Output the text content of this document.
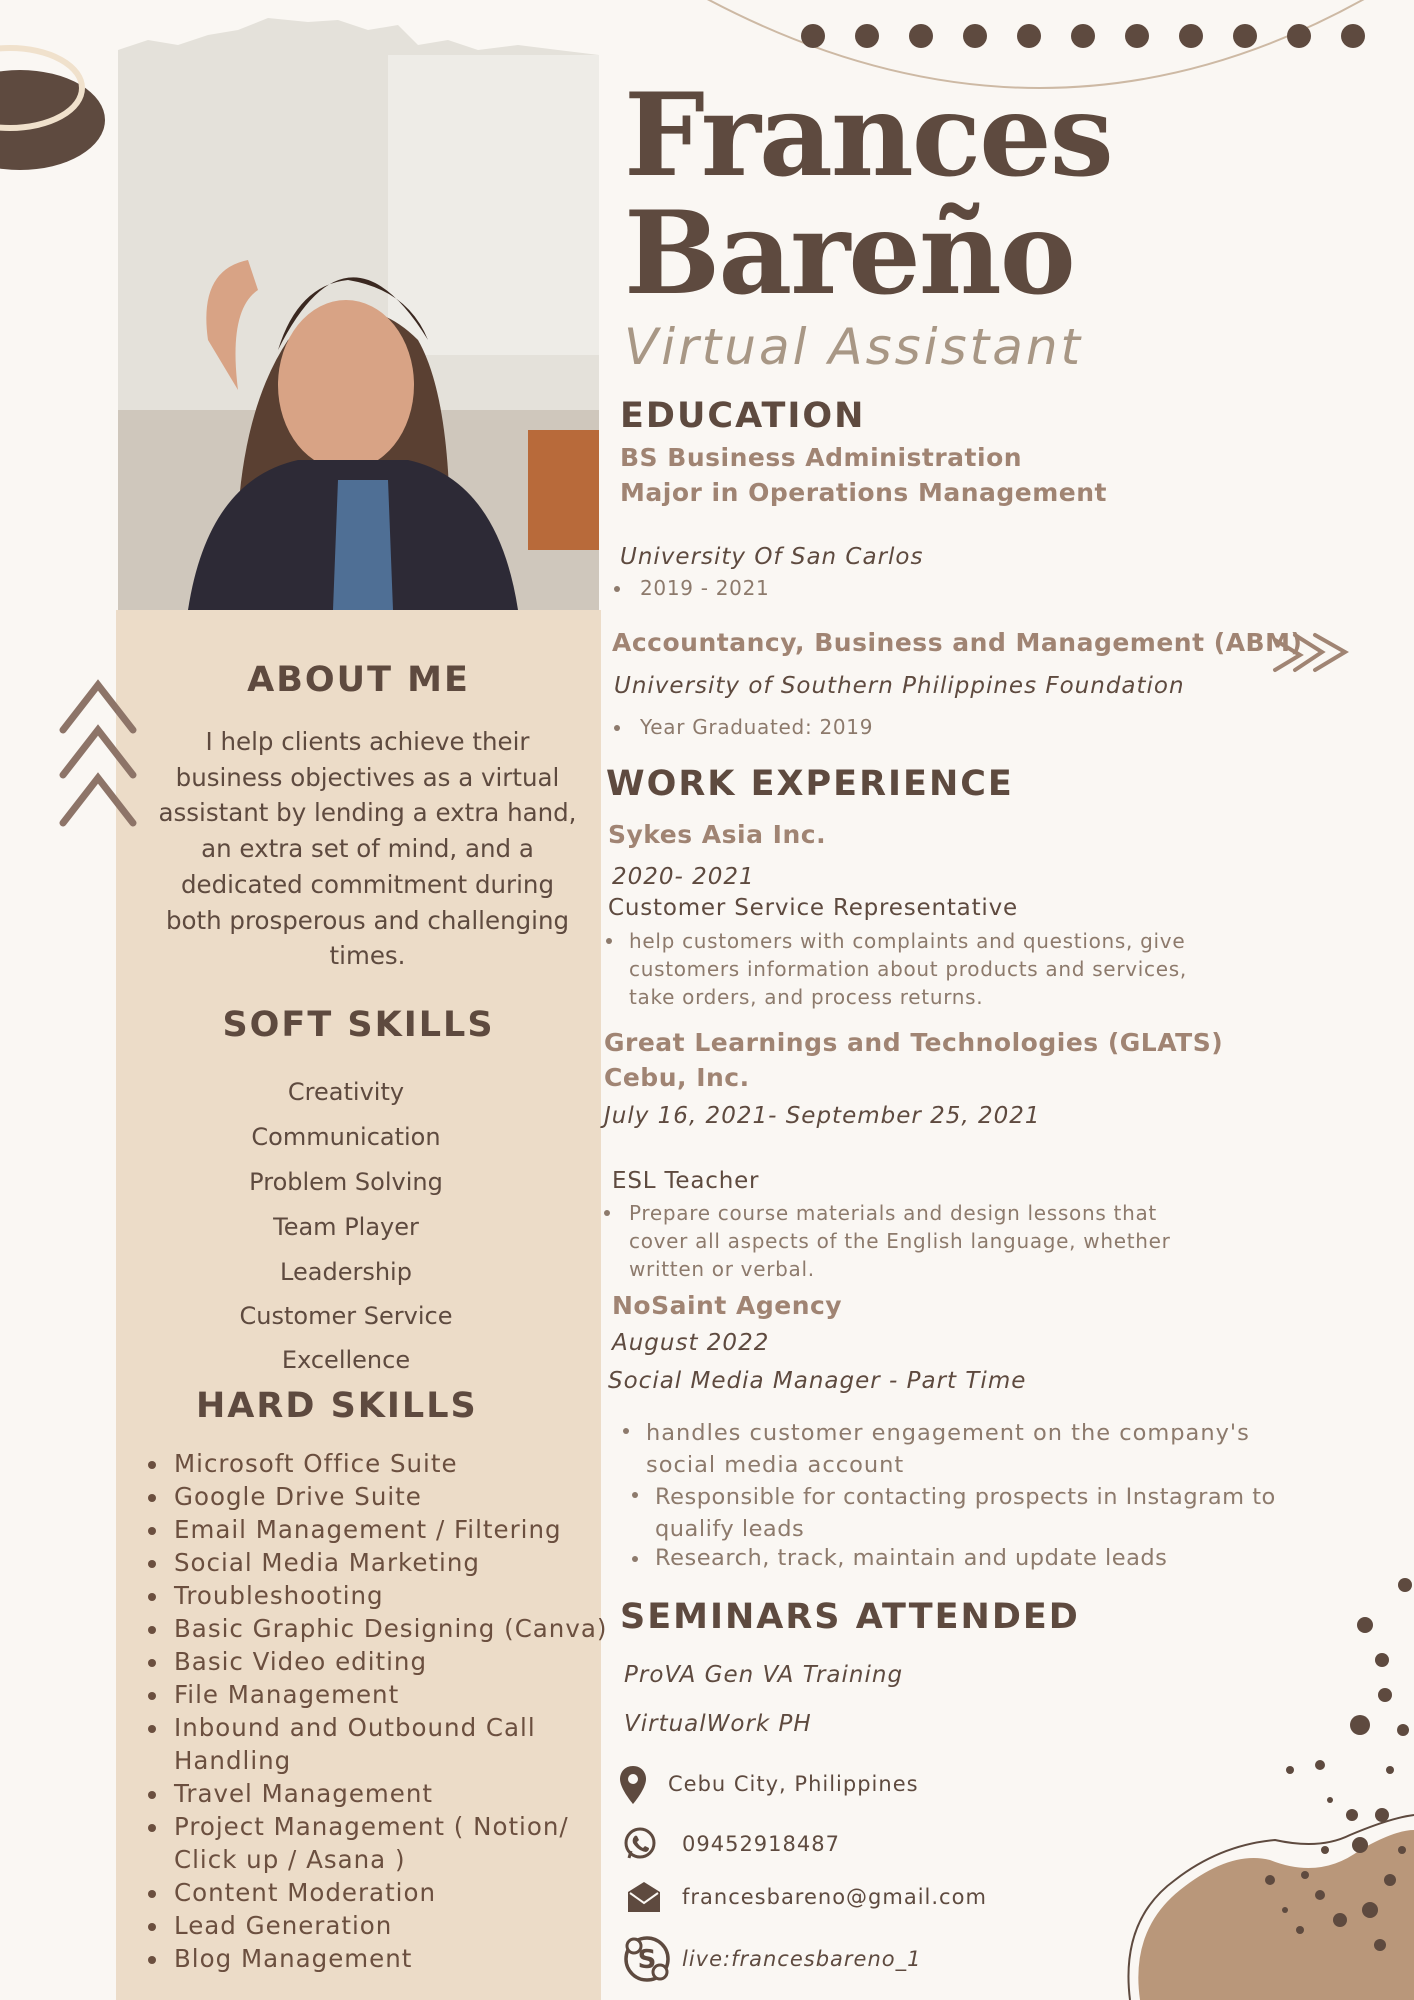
Frances
Bareño
Virtual Assistant
EDUCATION
BS Business Administration
Major in Operations Management
University Of San Carlos
2019 - 2021
Accountancy, Business and Management (ABM)
University of Southern Philippines Foundation
Year Graduated: 2019
ABOUT ME
I help clients achieve their
business objectives as a virtual
assistant by lending a extra hand,
an extra set of mind, and a
dedicated commitment during
both prosperous and challenging
times.
SOFT SKILLS
Creativity
Communication
Problem Solving
Team Player
Leadership
Customer Service
Excellence
HARD SKILLS
• Microsoft Office Suite
• Google Drive Suite
• Email Management / Filtering
• Social Media Marketing
• Troubleshooting
• Basic Graphic Designing (Canva)
• Basic Video editing
• File Management
• Inbound and Outbound Call Handling
• Travel Management
• Project Management ( Notion/ Click up / Asana )
• Content Moderation
• Lead Generation
• Blog Management
WORK EXPERIENCE
Sykes Asia Inc.
2020- 2021
Customer Service Representative
help customers with complaints and questions, give
customers information about products and services,
take orders, and process returns.
Great Learnings and Technologies (GLATS)
Cebu, Inc.
July 16, 2021- September 25, 2021
ESL Teacher
Prepare course materials and design lessons that
cover all aspects of the English language, whether
written or verbal.
NoSaint Agency
August 2022
Social Media Manager - Part Time
handles customer engagement on the company's
social media account
Responsible for contacting prospects in Instagram to
qualify leads
Research, track, maintain and update leads
SEMINARS ATTENDED
ProVA Gen VA Training
VirtualWork PH
Cebu City, Philippines
09452918487
francesbareno@gmail.com
S live:francesbareno_1
